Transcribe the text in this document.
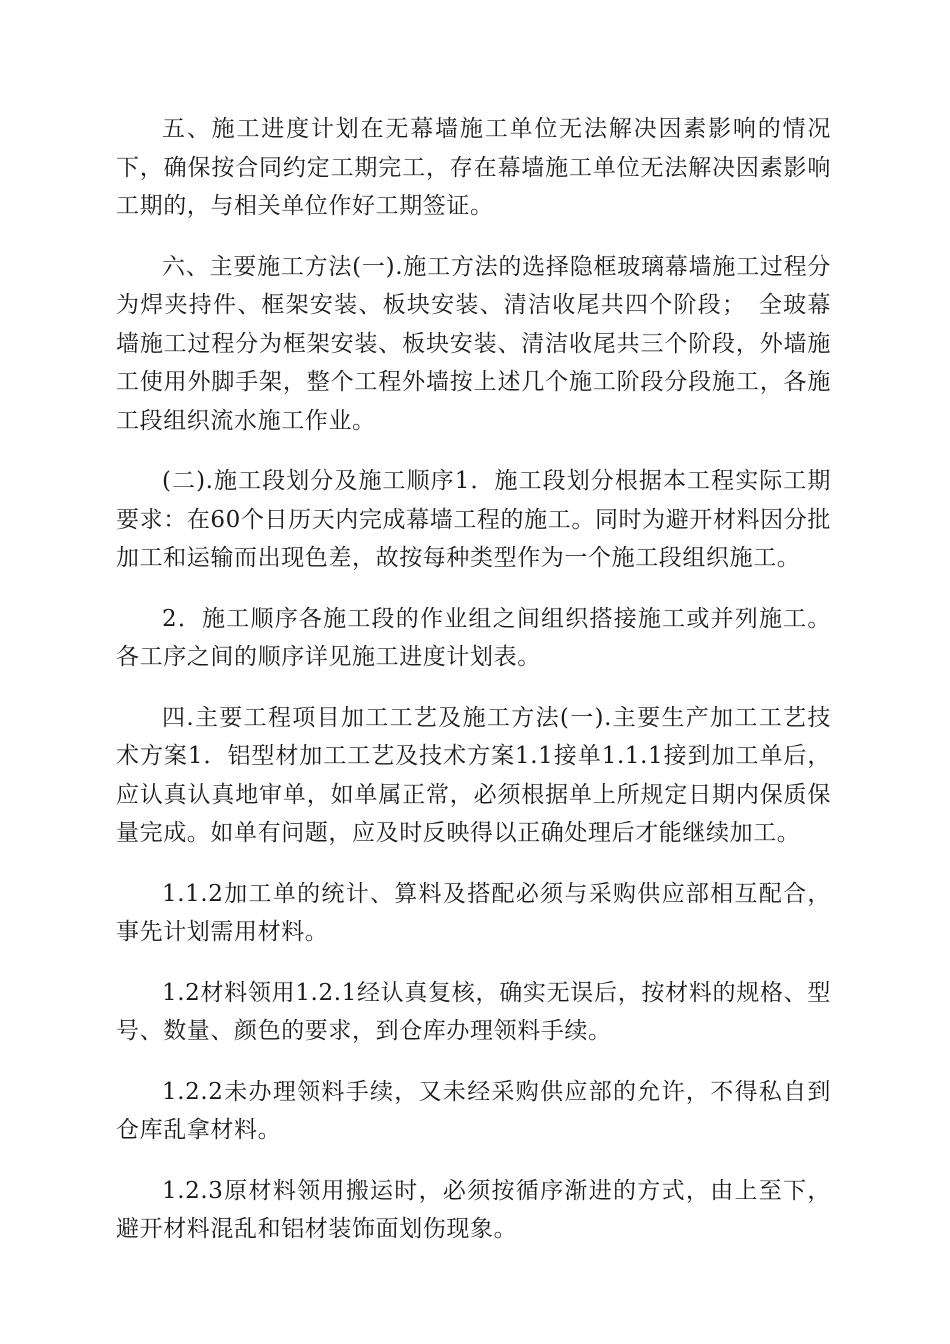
五、施工进度计划在无幕墙施工单位无法解决因素影响的情况下，确保按合同约定工期完工，存在幕墙施工单位无法解决因素影响工期的，与相关单位作好工期签证。

六、主要施工方法(一).施工方法的选择隐框玻璃幕墙施工过程分为焊夹持件、框架安装、板块安装、清洁收尾共四个阶段；　全玻幕墙施工过程分为框架安装、板块安装、清洁收尾共三个阶段，外墙施工使用外脚手架，整个工程外墙按上述几个施工阶段分段施工，各施工段组织流水施工作业。

(二).施工段划分及施工顺序1．施工段划分根据本工程实际工期要求：在60个日历天内完成幕墙工程的施工。同时为避开材料因分批加工和运输而出现色差，故按每种类型作为一个施工段组织施工。

2．施工顺序各施工段的作业组之间组织搭接施工或并列施工。各工序之间的顺序详见施工进度计划表。

四.主要工程项目加工工艺及施工方法(一).主要生产加工工艺技术方案1．铝型材加工工艺及技术方案1.1接单1.1.1接到加工单后，应认真认真地审单，如单属正常，必须根据单上所规定日期内保质保量完成。如单有问题，应及时反映得以正确处理后才能继续加工。

1.1.2加工单的统计、算料及搭配必须与采购供应部相互配合，事先计划需用材料。

1.2材料领用1.2.1经认真复核，确实无误后，按材料的规格、型号、数量、颜色的要求，到仓库办理领料手续。

1.2.2未办理领料手续，又未经采购供应部的允许，不得私自到仓库乱拿材料。

1.2.3原材料领用搬运时，必须按循序渐进的方式，由上至下，避开材料混乱和铝材装饰面划伤现象。
